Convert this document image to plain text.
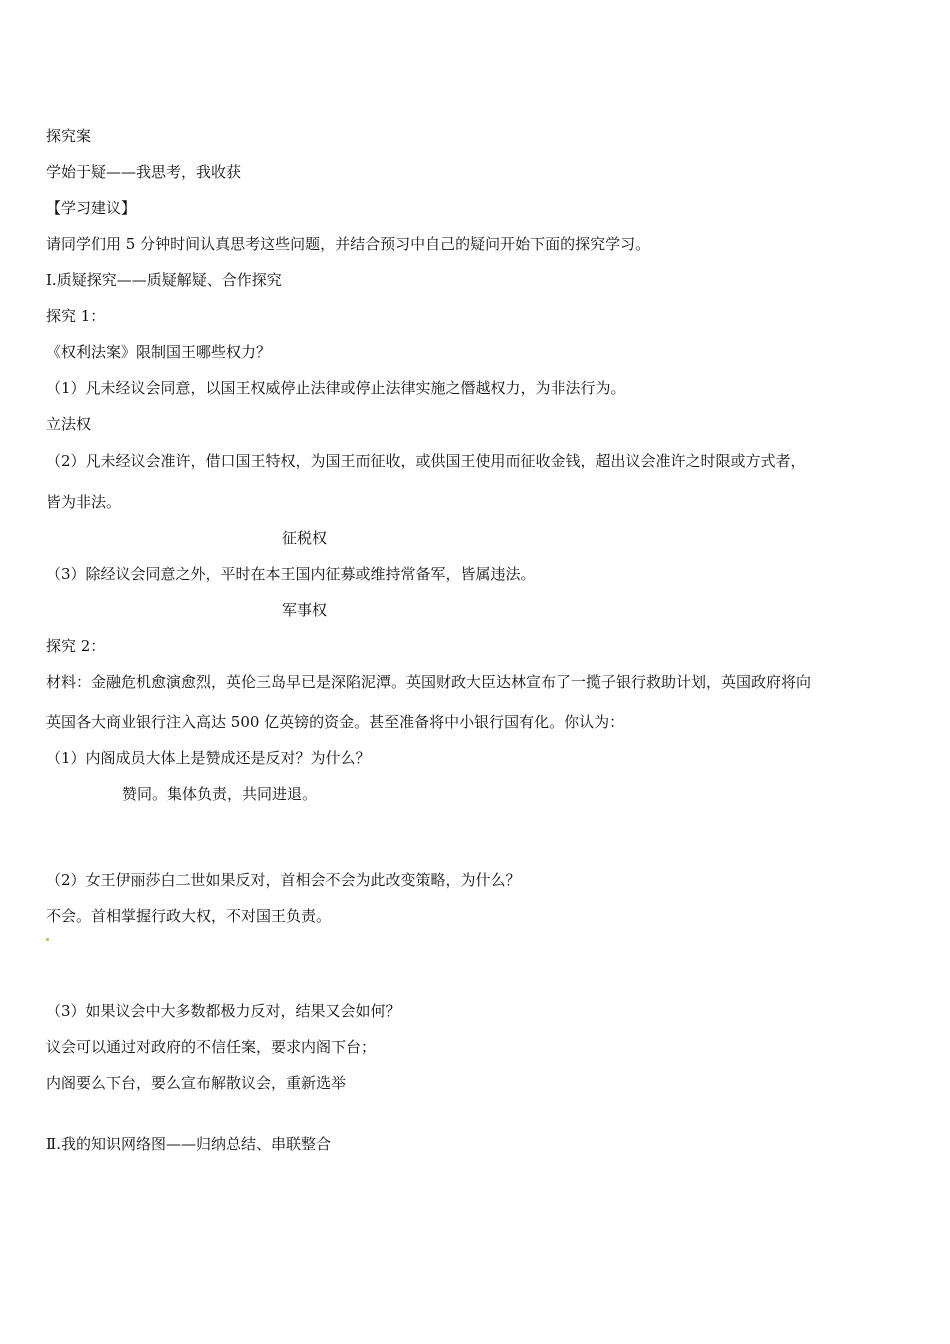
探究案
学始于疑——我思考，我收获
【学习建议】
请同学们用 5 分钟时间认真思考这些问题，并结合预习中自己的疑问开始下面的探究学习。
Ⅰ.质疑探究——质疑解疑、合作探究
探究 1：
《权利法案》限制国王哪些权力？
（1）凡未经议会同意，以国王权威停止法律或停止法律实施之僭越权力，为非法行为。
立法权
（2）凡未经议会准许，借口国王特权，为国王而征收，或供国王使用而征收金钱，超出议会准许之时限或方式者，
皆为非法。
征税权
（3）除经议会同意之外，平时在本王国内征募或维持常备军，皆属违法。
军事权
探究 2：
材料：金融危机愈演愈烈，英伦三岛早已是深陷泥潭。英国财政大臣达林宣布了一揽子银行救助计划，英国政府将向
英国各大商业银行注入高达 500 亿英镑的资金。甚至准备将中小银行国有化。你认为：
（1）内阁成员大体上是赞成还是反对？为什么？
赞同。集体负责，共同进退。
（2）女王伊丽莎白二世如果反对，首相会不会为此改变策略，为什么？
不会。首相掌握行政大权，不对国王负责。
（3）如果议会中大多数都极力反对，结果又会如何？
议会可以通过对政府的不信任案，要求内阁下台；
内阁要么下台，要么宣布解散议会，重新选举
Ⅱ.我的知识网络图——归纳总结、串联整合
